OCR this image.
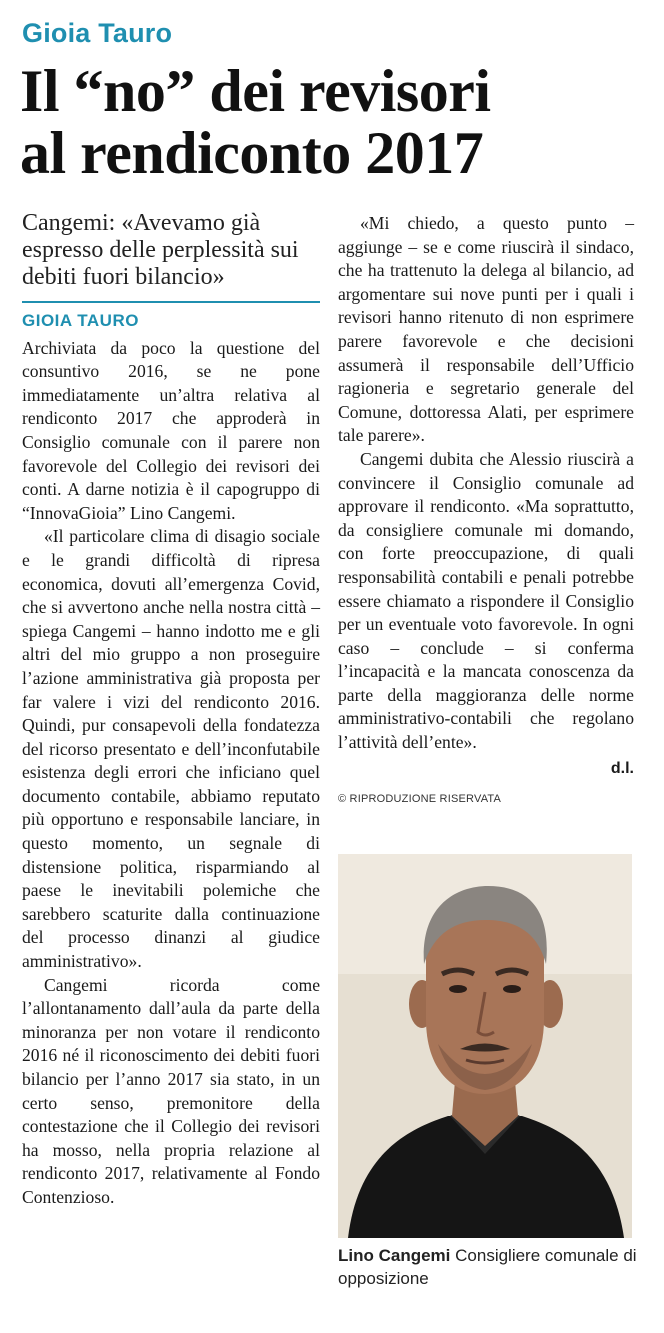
Gioia Tauro
Il “no” dei revisori
al rendiconto 2017
Cangemi: «Avevamo già espresso delle perplessità sui debiti fuori bilancio»
GIOIA TAURO

Archiviata da poco la questione del consuntivo 2016, se ne pone immediatamente un’altra relativa al rendiconto 2017 che approderà in Consiglio comunale con il parere non favorevole del Collegio dei revisori dei conti. A darne notizia è il capogruppo di “InnovaGioia” Lino Cangemi.

«Il particolare clima di disagio sociale e le grandi difficoltà di ripresa economica, dovuti all’emergenza Covid, che si avvertono anche nella nostra città – spiega Cangemi – hanno indotto me e gli altri del mio gruppo a non proseguire l’azione amministrativa già proposta per far valere i vizi del rendiconto 2016. Quindi, pur consapevoli della fondatezza del ricorso presentato e dell’inconfutabile esistenza degli errori che inficiano quel documento contabile, abbiamo reputato più opportuno e responsabile lanciare, in questo momento, un segnale di distensione politica, risparmiando al paese le inevitabili polemiche che sarebbero scaturite dalla continuazione del processo dinanzi al giudice amministrativo».

Cangemi ricorda come l’allontanamento dall’aula da parte della minoranza per non votare il rendiconto 2016 né il riconoscimento dei debiti fuori bilancio per l’anno 2017 sia stato, in un certo senso, premonitore della contestazione che il Collegio dei revisori ha mosso, nella propria relazione al rendiconto 2017, relativamente al Fondo Contenzioso.

«Mi chiedo, a questo punto – aggiunge – se e come riuscirà il sindaco, che ha trattenuto la delega al bilancio, ad argomentare sui nove punti per i quali i revisori hanno ritenuto di non esprimere parere favorevole e che decisioni assumerà il responsabile dell’Ufficio ragioneria e segretario generale del Comune, dottoressa Alati, per esprimere tale parere».

Cangemi dubita che Alessio riuscirà a convincere il Consiglio comunale ad approvare il rendiconto. «Ma soprattutto, da consigliere comunale mi domando, con forte preoccupazione, di quali responsabilità contabili e penali potrebbe essere chiamato a rispondere il Consiglio per un eventuale voto favorevole. In ogni caso – conclude – si conferma l’incapacità e la mancata conoscenza da parte della maggioranza delle norme amministrativo-contabili che regolano l’attività dell’ente».

d.l.
© RIPRODUZIONE RISERVATA
Lino Cangemi Consigliere comunale di opposizione
